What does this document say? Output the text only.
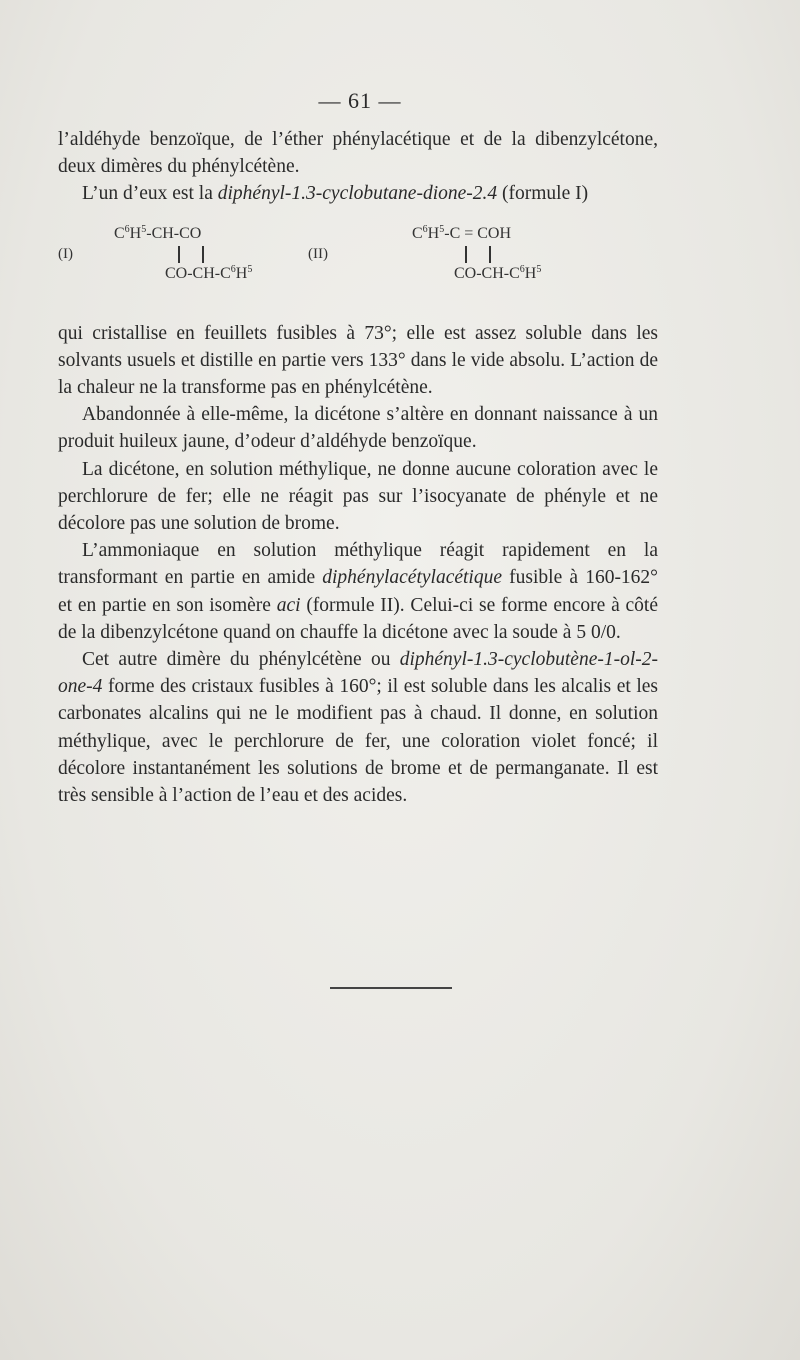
— 61 —

l’aldéhyde benzoïque, de l’éther phénylacétique et de la dibenzylcétone, deux dimères du phénylcétène.

L’un d’eux est la diphényl-1.3-cyclobutane-dione-2.4 (formule I)

(I)
$C^6H^5-CH-CO$
$CO-CH-C^6H^5$
(II)
$C^6H^5-C$ = COH
$CO-CH-C^6H^5$

qui cristallise en feuillets fusibles à 73°; elle est assez soluble dans les solvants usuels et distille en partie vers 133° dans le vide absolu. L’action de la chaleur ne la transforme pas en phénylcétène.

Abandonnée à elle-même, la dicétone s’altère en donnant naissance à un produit huileux jaune, d’odeur d’aldéhyde benzoïque.

La dicétone, en solution méthylique, ne donne aucune coloration avec le perchlorure de fer; elle ne réagit pas sur l’isocyanate de phényle et ne décolore pas une solution de brome.

L’ammoniaque en solution méthylique réagit rapidement en la transformant en partie en amide diphénylacétylacétique fusible à 160-162° et en partie en son isomère aci (formule II). Celui-ci se forme encore à côté de la dibenzylcétone quand on chauffe la dicétone avec la soude à 5 0/0.

Cet autre dimère du phénylcétène ou diphényl-1.3-cyclobutène-1-ol-2-one-4 forme des cristaux fusibles à 160°; il est soluble dans les alcalis et les carbonates alcalins qui ne le modifient pas à chaud. Il donne, en solution méthylique, avec le perchlorure de fer, une coloration violet foncé; il décolore instantanément les solutions de brome et de permanganate. Il est très sensible à l’action de l’eau et des acides.
